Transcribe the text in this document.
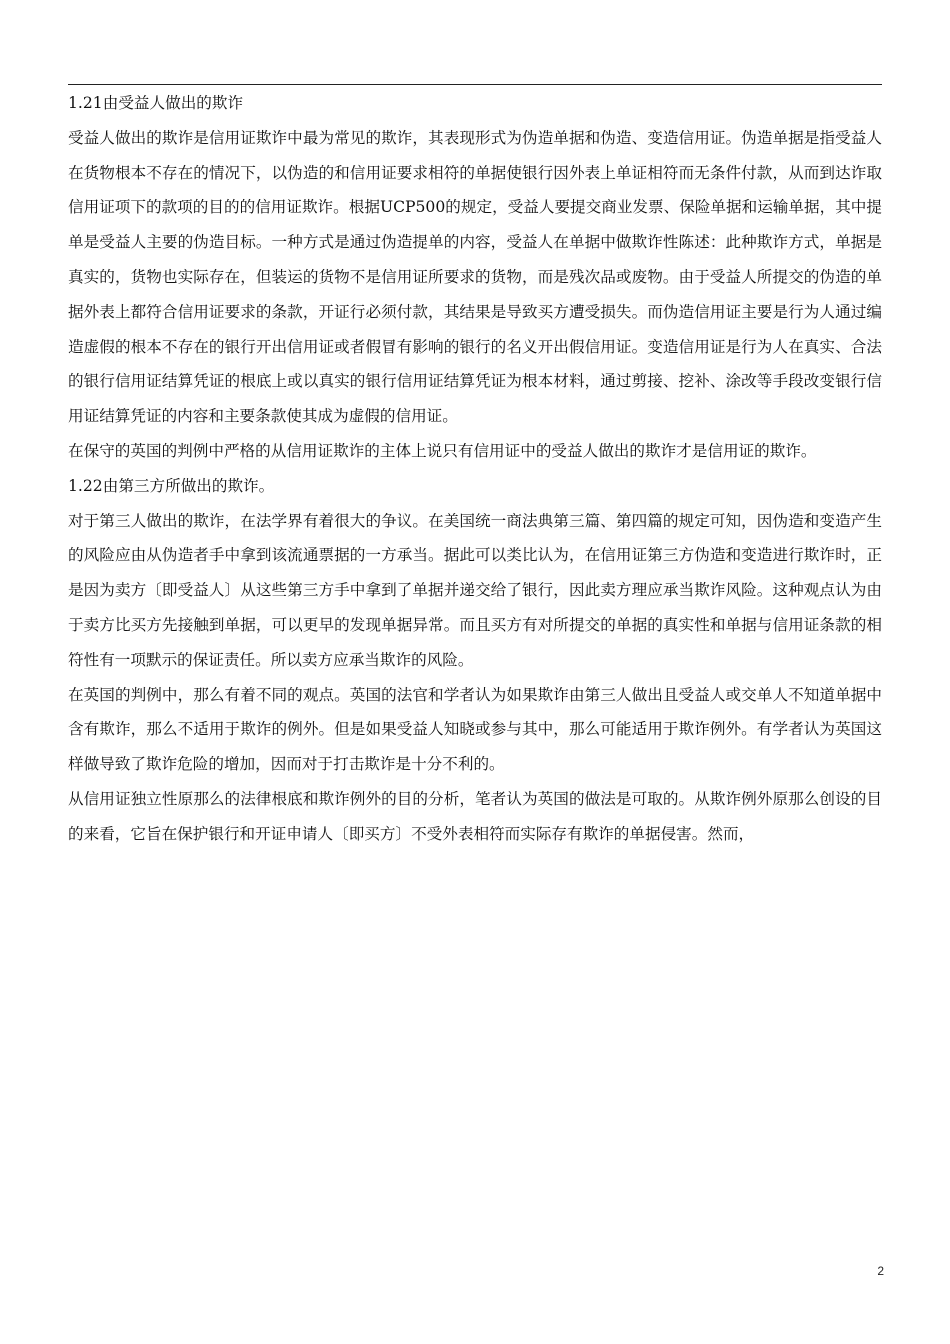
1.21由受益人做出的欺诈

受益人做出的欺诈是信用证欺诈中最为常见的欺诈，其表现形式为伪造单据和伪造、变造信用证。伪造单据是指受益人在货物根本不存在的情况下，以伪造的和信用证要求相符的单据使银行因外表上单证相符而无条件付款，从而到达诈取信用证项下的款项的目的的信用证欺诈。根据UCP500的规定，受益人要提交商业发票、保险单据和运输单据，其中提单是受益人主要的伪造目标。一种方式是通过伪造提单的内容，受益人在单据中做欺诈性陈述：此种欺诈方式，单据是真实的，货物也实际存在，但装运的货物不是信用证所要求的货物，而是残次品或废物。由于受益人所提交的伪造的单据外表上都符合信用证要求的条款，开证行必须付款，其结果是导致买方遭受损失。而伪造信用证主要是行为人通过编造虚假的根本不存在的银行开出信用证或者假冒有影响的银行的名义开出假信用证。变造信用证是行为人在真实、合法的银行信用证结算凭证的根底上或以真实的银行信用证结算凭证为根本材料，通过剪接、挖补、涂改等手段改变银行信用证结算凭证的内容和主要条款使其成为虚假的信用证。

在保守的英国的判例中严格的从信用证欺诈的主体上说只有信用证中的受益人做出的欺诈才是信用证的欺诈。

1.22由第三方所做出的欺诈。

对于第三人做出的欺诈，在法学界有着很大的争议。在美国统一商法典第三篇、第四篇的规定可知，因伪造和变造产生的风险应由从伪造者手中拿到该流通票据的一方承当。据此可以类比认为，在信用证第三方伪造和变造进行欺诈时，正是因为卖方〔即受益人〕从这些第三方手中拿到了单据并递交给了银行，因此卖方理应承当欺诈风险。这种观点认为由于卖方比买方先接触到单据，可以更早的发现单据异常。而且买方有对所提交的单据的真实性和单据与信用证条款的相符性有一项默示的保证责任。所以卖方应承当欺诈的风险。

在英国的判例中，那么有着不同的观点。英国的法官和学者认为如果欺诈由第三人做出且受益人或交单人不知道单据中含有欺诈，那么不适用于欺诈的例外。但是如果受益人知晓或参与其中，那么可能适用于欺诈例外。有学者认为英国这样做导致了欺诈危险的增加，因而对于打击欺诈是十分不利的。

从信用证独立性原那么的法律根底和欺诈例外的目的分析，笔者认为英国的做法是可取的。从欺诈例外原那么创设的目的来看，它旨在保护银行和开证申请人〔即买方〕不受外表相符而实际存有欺诈的单据侵害。然而，

2
